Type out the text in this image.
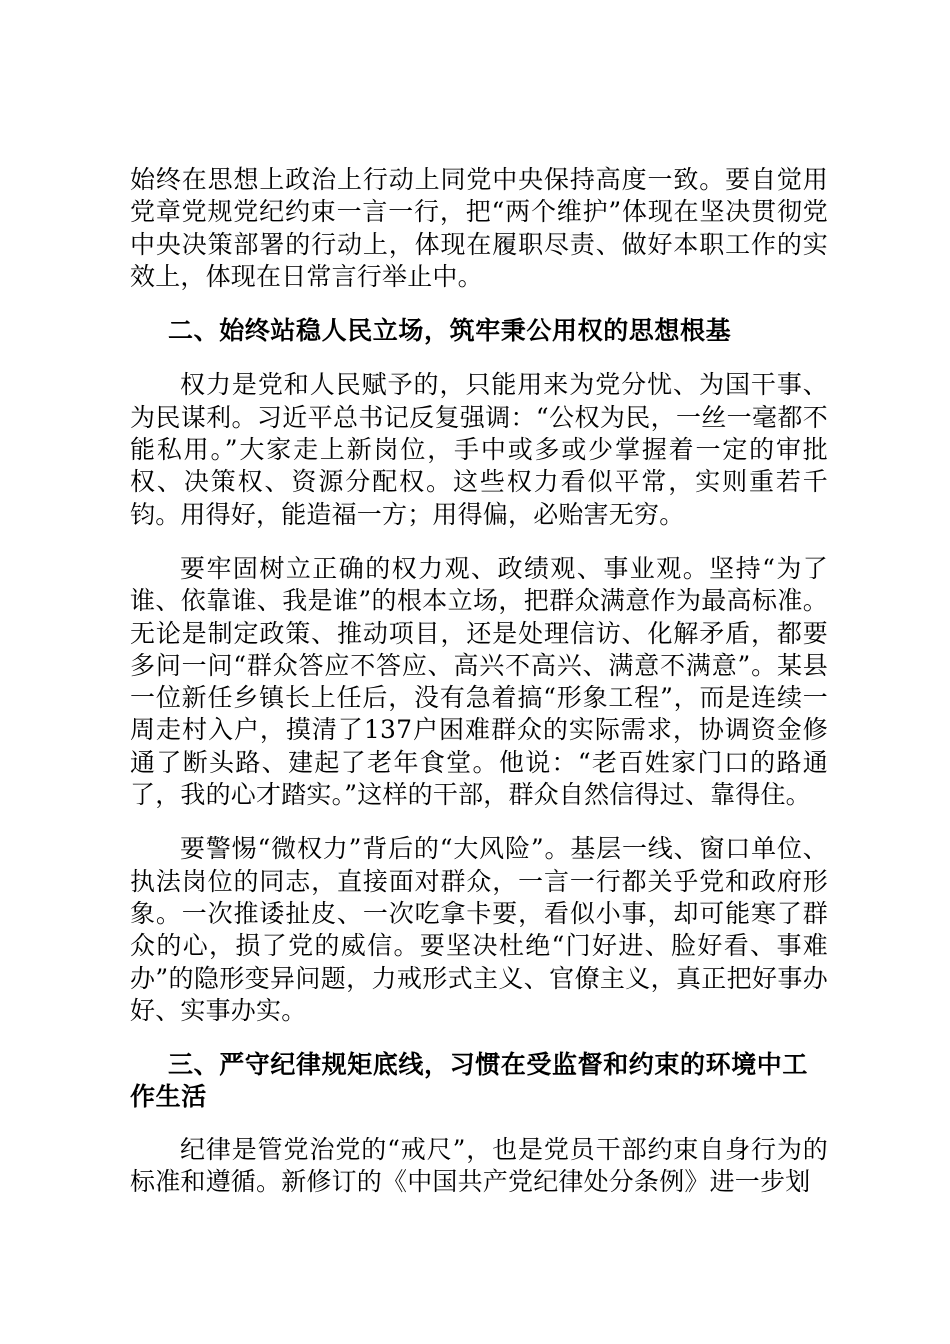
始终在思想上政治上行动上同党中央保持高度一致。要自觉用党章党规党纪约束一言一行，把“两个维护”体现在坚决贯彻党中央决策部署的行动上，体现在履职尽责、做好本职工作的实效上，体现在日常言行举止中。

二、始终站稳人民立场，筑牢秉公用权的思想根基

权力是党和人民赋予的，只能用来为党分忧、为国干事、为民谋利。习近平总书记反复强调：“公权为民，一丝一毫都不能私用。”大家走上新岗位，手中或多或少掌握着一定的审批权、决策权、资源分配权。这些权力看似平常，实则重若千钧。用得好，能造福一方；用得偏，必贻害无穷。

要牢固树立正确的权力观、政绩观、事业观。坚持“为了谁、依靠谁、我是谁”的根本立场，把群众满意作为最高标准。无论是制定政策、推动项目，还是处理信访、化解矛盾，都要多问一问“群众答应不答应、高兴不高兴、满意不满意”。某县一位新任乡镇长上任后，没有急着搞“形象工程”，而是连续一周走村入户，摸清了137户困难群众的实际需求，协调资金修通了断头路、建起了老年食堂。他说：“老百姓家门口的路通了，我的心才踏实。”这样的干部，群众自然信得过、靠得住。

要警惕“微权力”背后的“大风险”。基层一线、窗口单位、执法岗位的同志，直接面对群众，一言一行都关乎党和政府形象。一次推诿扯皮、一次吃拿卡要，看似小事，却可能寒了群众的心，损了党的威信。要坚决杜绝“门好进、脸好看、事难办”的隐形变异问题，力戒形式主义、官僚主义，真正把好事办好、实事办实。

三、严守纪律规矩底线，习惯在受监督和约束的环境中工作生活

纪律是管党治党的“戒尺”，也是党员干部约束自身行为的标准和遵循。新修订的《中国共产党纪律处分条例》进一步划
